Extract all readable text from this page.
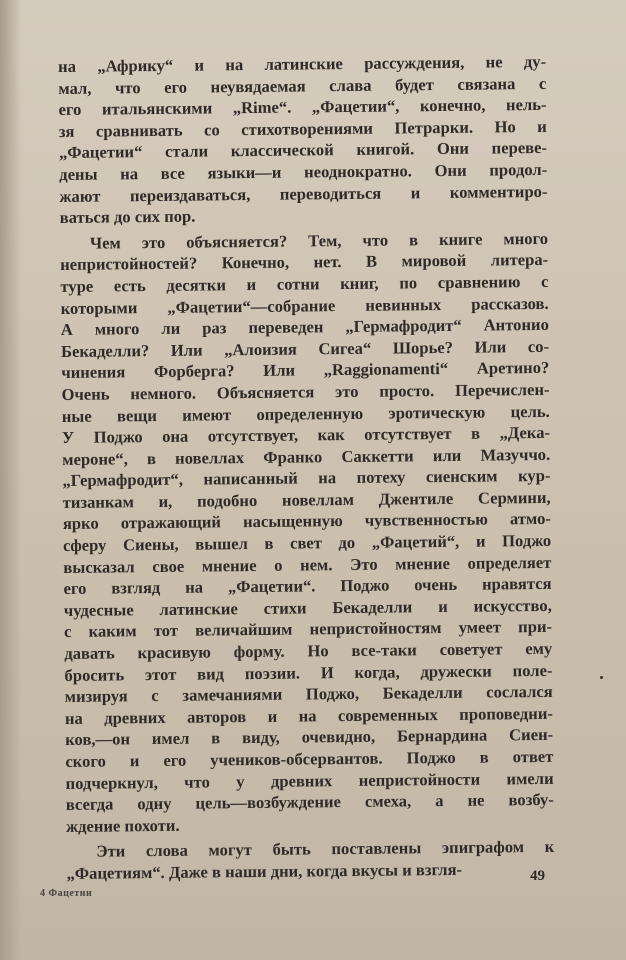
на „Африку“ и на латинские рассуждения, не ду-
мал, что его неувядаемая слава будет связана с
его итальянскими „Rime“. „Фацетии“, конечно, нель-
зя сравнивать со стихотворениями Петрарки. Но и
„Фацетии“ стали классической книгой. Они переве-
дены на все языки—и неоднократно. Они продол-
жают переиздаваться, переводиться и комментиро-
ваться до сих пор.
Чем это объясняется? Тем, что в книге много
непристойностей? Конечно, нет. В мировой литера-
туре есть десятки и сотни книг, по сравнению с
которыми „Фацетии“—собрание невинных рассказов.
А много ли раз переведен „Гермафродит“ Антонио
Бекаделли? Или „Алоизия Сигеа“ Шорье? Или со-
чинения Форберга? Или „Raggionamenti“ Аретино?
Очень немного. Объясняется это просто. Перечислен-
ные вещи имеют определенную эротическую цель.
У Поджо она отсутствует, как отсутствует в „Дека-
мероне“, в новеллах Франко Саккетти или Мазуччо.
„Гермафродит“, написанный на потеху сиенским кур-
тизанкам и, подобно новеллам Джентиле Сермини,
ярко отражающий насыщенную чувственностью атмо-
сферу Сиены, вышел в свет до „Фацетий“, и Поджо
высказал свое мнение о нем. Это мнение определяет
его взгляд на „Фацетии“. Поджо очень нравятся
чудесные латинские стихи Бекаделли и искусство,
с каким тот величайшим непристойностям умеет при-
давать красивую форму. Но все-таки советует ему
бросить этот вид поэзии. И когда, дружески поле-
мизируя с замечаниями Поджо, Бекаделли сослался
на древних авторов и на современных проповедни-
ков,—он имел в виду, очевидно, Бернардина Сиен-
ского и его учеников-обсервантов. Поджо в ответ
подчеркнул, что у древних непристойности имели
всегда одну цель—возбуждение смеха, а не возбу-
ждение похоти.
Эти слова могут быть поставлены эпиграфом к
„Фацетиям“. Даже в наши дни, когда вкусы и взгля-
4 Фацетии
49
